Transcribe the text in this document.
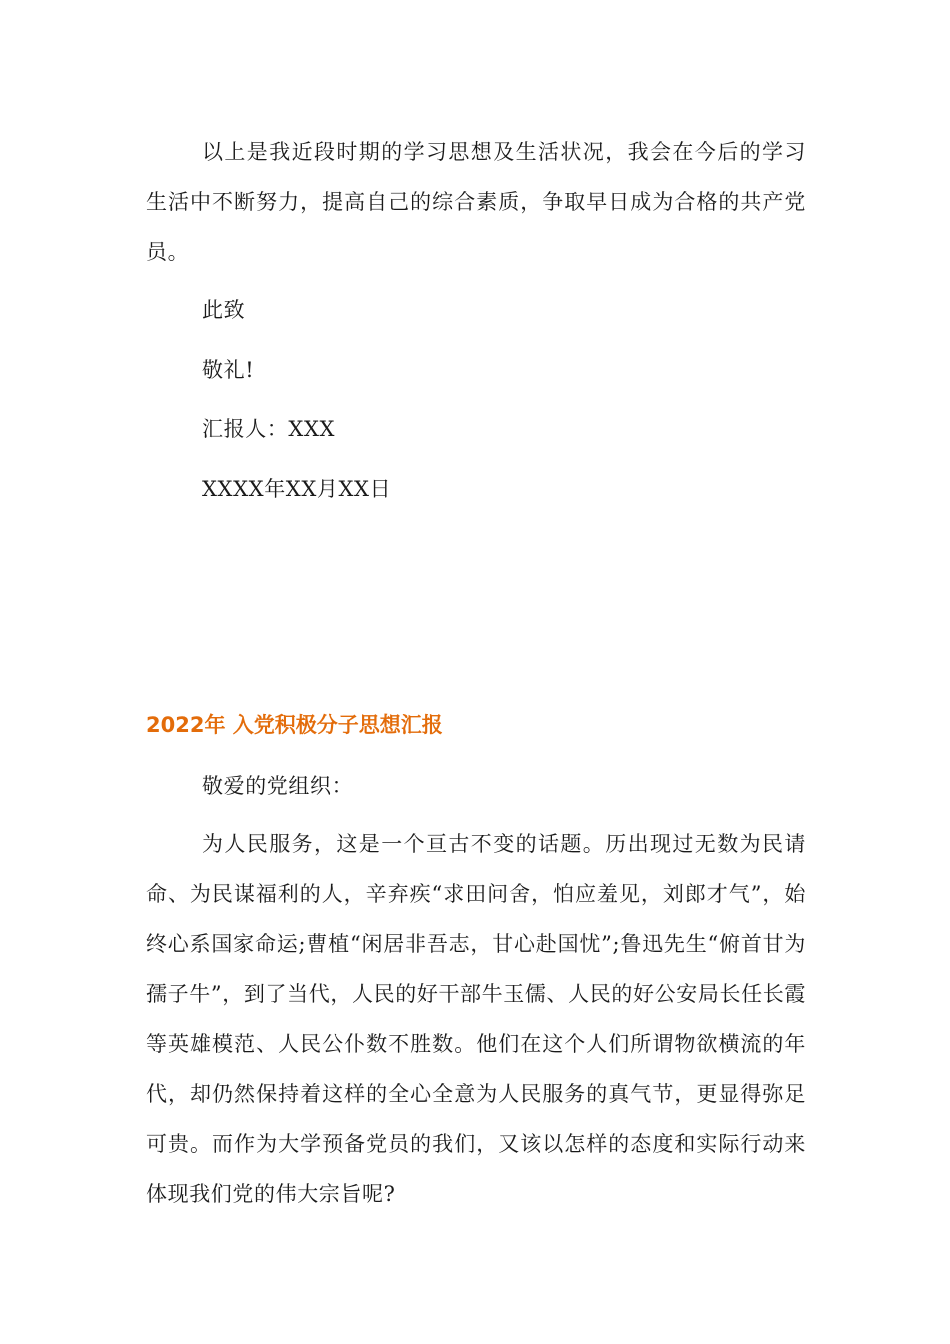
以上是我近段时期的学习思想及生活状况，我会在今后的学习生活中不断努力，提高自己的综合素质，争取早日成为合格的共产党员。

此致

敬礼!

汇报人：XXX

XXXX年XX月XX日

2022年 入党积极分子思想汇报

敬爱的党组织：

为人民服务，这是一个亘古不变的话题。历出现过无数为民请命、为民谋福利的人，辛弃疾“求田问舍，怕应羞见，刘郎才气”，始终心系国家命运;曹植“闲居非吾志，甘心赴国忧”;鲁迅先生“俯首甘为孺子牛”，到了当代，人民的好干部牛玉儒、人民的好公安局长任长霞等英雄模范、人民公仆数不胜数。他们在这个人们所谓物欲横流的年代，却仍然保持着这样的全心全意为人民服务的真气节，更显得弥足可贵。而作为大学预备党员的我们，又该以怎样的态度和实际行动来体现我们党的伟大宗旨呢?
